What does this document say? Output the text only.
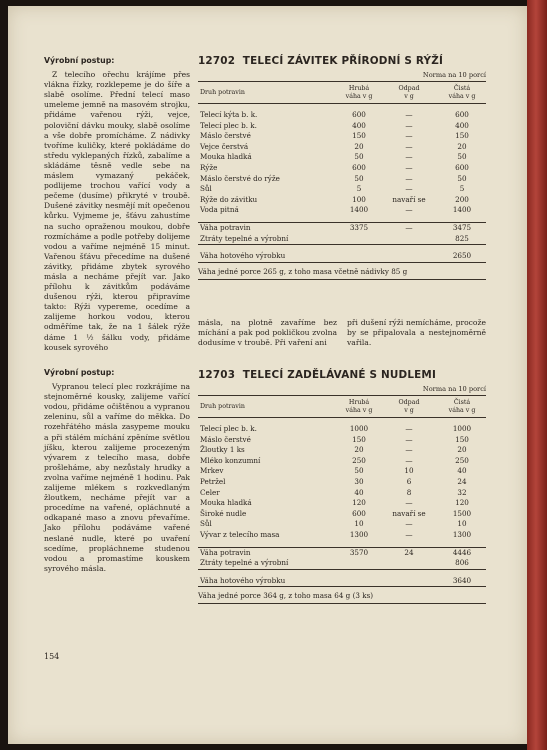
Výrobní postup:

Z telecího ořechu krájíme přes vlákna řízky, rozklepeme je do šíře a slabě osolíme. Přední telecí maso umeleme jemně na masovém strojku, přidáme vařenou rýži, vejce, poloviční dávku mouky, slabě osolíme a vše dobře promícháme. Z nádivky tvoříme kuličky, které pokládáme do středu vyklepaných řízků, zabalíme a skládáme těsně vedle sebe na máslem vymazaný pekáček, podlijeme trochou vařící vody a pečeme (dusíme) přikryté v troubě. Dušené závitky nesmějí mít opečenou kůrku. Vyjmeme je, šťávu zahustíme na sucho opraženou moukou, dobře rozmícháme a podle potřeby dolijeme vodou a vaříme nejméně 15 minut. Vařenou šťávu přecedíme na dušené závitky, přidáme zbytek syrového másla a necháme přejít var. Jako přílohu k závitkům podáváme dušenou rýži, kterou připravíme takto: Rýži vypereme, ocedíme a zalijeme horkou vodou, kterou odměříme tak, že na 1 šálek rýže dáme 1 ½ šálku vody, přidáme kousek syrového

12702 TELECÍ ZÁVITEK PŘÍRODNÍ S RÝŽÍ
Norma na 10 porcí
Druh potravin	Hrubá
váha v g	Odpad
v g	Čistá
váha v g

Telecí kýta b. k.	600	—	600
Telecí plec b. k.	400	—	400
Máslo čerstvé	150	—	150
Vejce čerstvá	20	—	20
Mouka hladká	50	—	50
Rýže	600	—	600
Máslo čerstvé do rýže	50	—	50
Sůl	5	—	5
Rýže do závitku	100	navaří se	200
Voda pitná	1400	—	1400

Váha potravin	3375	—	3475
Ztráty tepelné a výrobní			825

Váha hotového výrobku			2650
Váha jedné porce 265 g, z toho masa včetně nádivky 85 g

másla, na plotně zavaříme bez míchání a pak pod pokličkou zvolna dodusíme v troubě. Při vaření ani

při dušení rýži nemícháme, procože by se připalovala a nestejnoměrně vařila.

Výrobní postup:

Vypranou telecí plec rozkrájíme na stejnoměrné kousky, zalijeme vařící vodou, přidáme očištěnou a vypranou zeleninu, sůl a vaříme do měkka. Do rozehřátého másla zasypeme mouku a při stálém míchání zpěníme světlou jíšku, kterou zalijeme procezeným vývarem z telecího masa, dobře prošleháme, aby nezůstaly hrudky a zvolna vaříme nejméně 1 hodinu. Pak zalijeme mlékem s rozkvedlaným žloutkem, necháme přejít var a procedíme na vařené, opláchnuté a odkapané maso a znovu převaříme. Jako přílohu podáváme vařené neslané nudle, které po uvaření scedíme, propláchneme studenou vodou a promastíme kouskem syrového másla.

12703 TELECÍ ZADĚLÁVANÉ S NUDLEMI
Norma na 10 porcí
Druh potravin	Hrubá
váha v g	Odpad
v g	Čistá
váha v g

Telecí plec b. k.	1000	—	1000
Máslo čerstvé	150	—	150
Žloutky 1 ks	20	—	20
Mléko konzumní	250	—	250
Mrkev	50	10	40
Petržel	30	6	24
Celer	40	8	32
Mouka hladká	120	—	120
Široké nudle	600	navaří se	1500
Sůl	10	—	10
Vývar z telecího masa	1300	—	1300

Váha potravin	3570	24	4446
Ztráty tepelné a výrobní			806

Váha hotového výrobku			3640
Váha jedné porce 364 g, z toho masa 64 g (3 ks)
154
